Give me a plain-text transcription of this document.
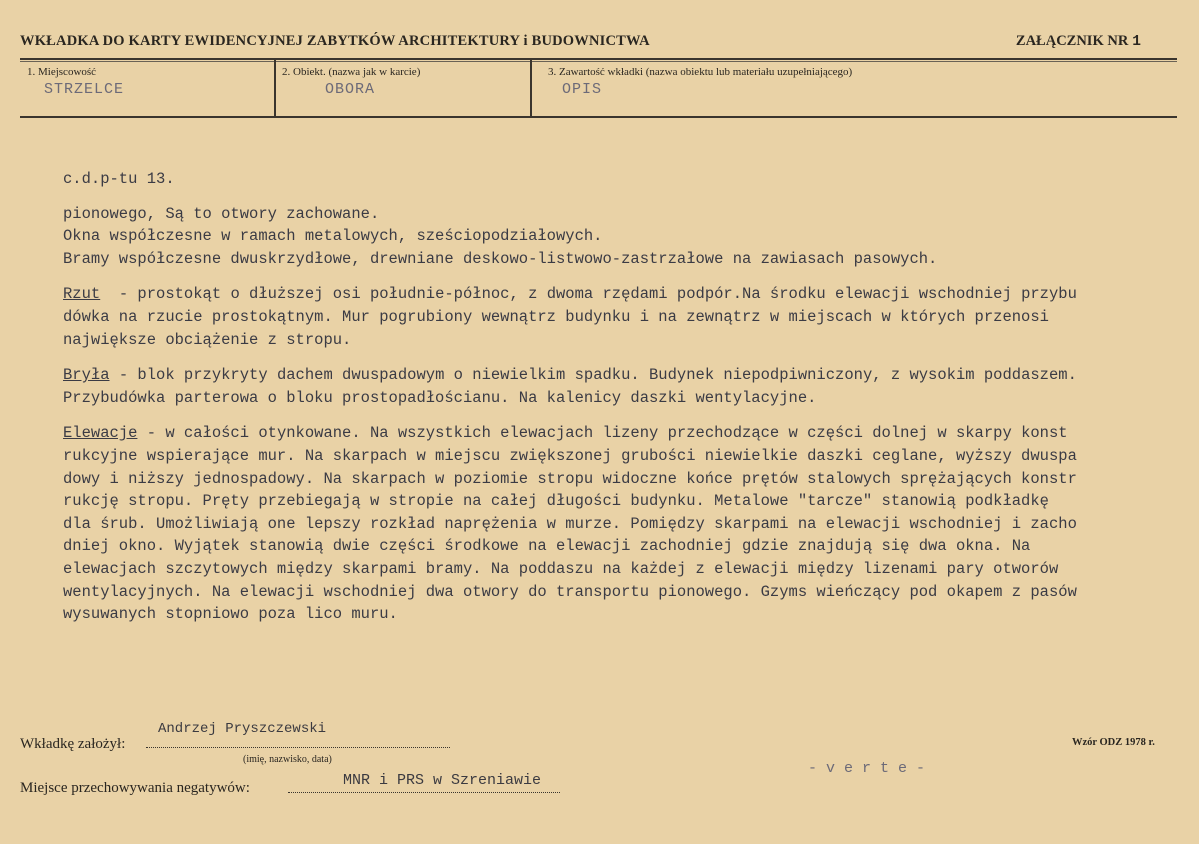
WKŁADKA DO KARTY EWIDENCYJNEJ ZABYTKÓW ARCHITEKTURY i BUDOWNICTWA	ZAŁĄCZNIK NR 1
1. Miejscowość
STRZELCE
2. Obiekt. (nazwa jak w karcie)
OBORA
3. Zawartość wkładki (nazwa obiektu lub materiału uzupełniającego)
OPIS

c.d.p-tu 13.

pionowego, Są to otwory zachowane.

Okna współczesne w ramach metalowych, sześciopodziałowych.

Bramy współczesne dwuskrzydłowe, drewniane deskowo-listwowo-zastrzałowe na zawiasach pasowych.

Rzut  - prostokąt o dłuższej osi południe-północ, z dwoma rzędami podpór.Na środku elewacji wschodniej przybu

dówka na rzucie prostokątnym. Mur pogrubiony wewnątrz budynku i na zewnątrz w miejscach w których przenosi

największe obciążenie z stropu.

Bryła - blok przykryty dachem dwuspadowym o niewielkim spadku. Budynek niepodpiwniczony, z wysokim poddaszem.

Przybudówka parterowa o bloku prostopadłościanu. Na kalenicy daszki wentylacyjne.

Elewacje - w całości otynkowane. Na wszystkich elewacjach lizeny przechodzące w części dolnej w skarpy konst

rukcyjne wspierające mur. Na skarpach w miejscu zwiększonej grubości niewielkie daszki ceglane, wyższy dwuspa

dowy i niższy jednospadowy. Na skarpach w poziomie stropu widoczne końce prętów stalowych sprężających konstr

rukcję stropu. Pręty przebiegają w stropie na całej długości budynku. Metalowe "tarcze" stanowią podkładkę

dla śrub. Umożliwiają one lepszy rozkład naprężenia w murze. Pomiędzy skarpami na elewacji wschodniej i zacho

dniej okno. Wyjątek stanowią dwie części środkowe na elewacji zachodniej gdzie znajdują się dwa okna. Na

elewacjach szczytowych między skarpami bramy. Na poddaszu na każdej z elewacji między lizenami pary otworów

wentylacyjnych. Na elewacji wschodniej dwa otwory do transportu pionowego. Gzyms wieńczący pod okapem z pasów

wysuwanych stopniowo poza lico muru.

Wkładkę założył:
Andrzej Pryszczewski
(imię, nazwisko, data)
Wzór ODZ 1978 r.
Miejsce przechowywania negatywów:	MNR i PRS w Szreniawie
- v e r t e -
